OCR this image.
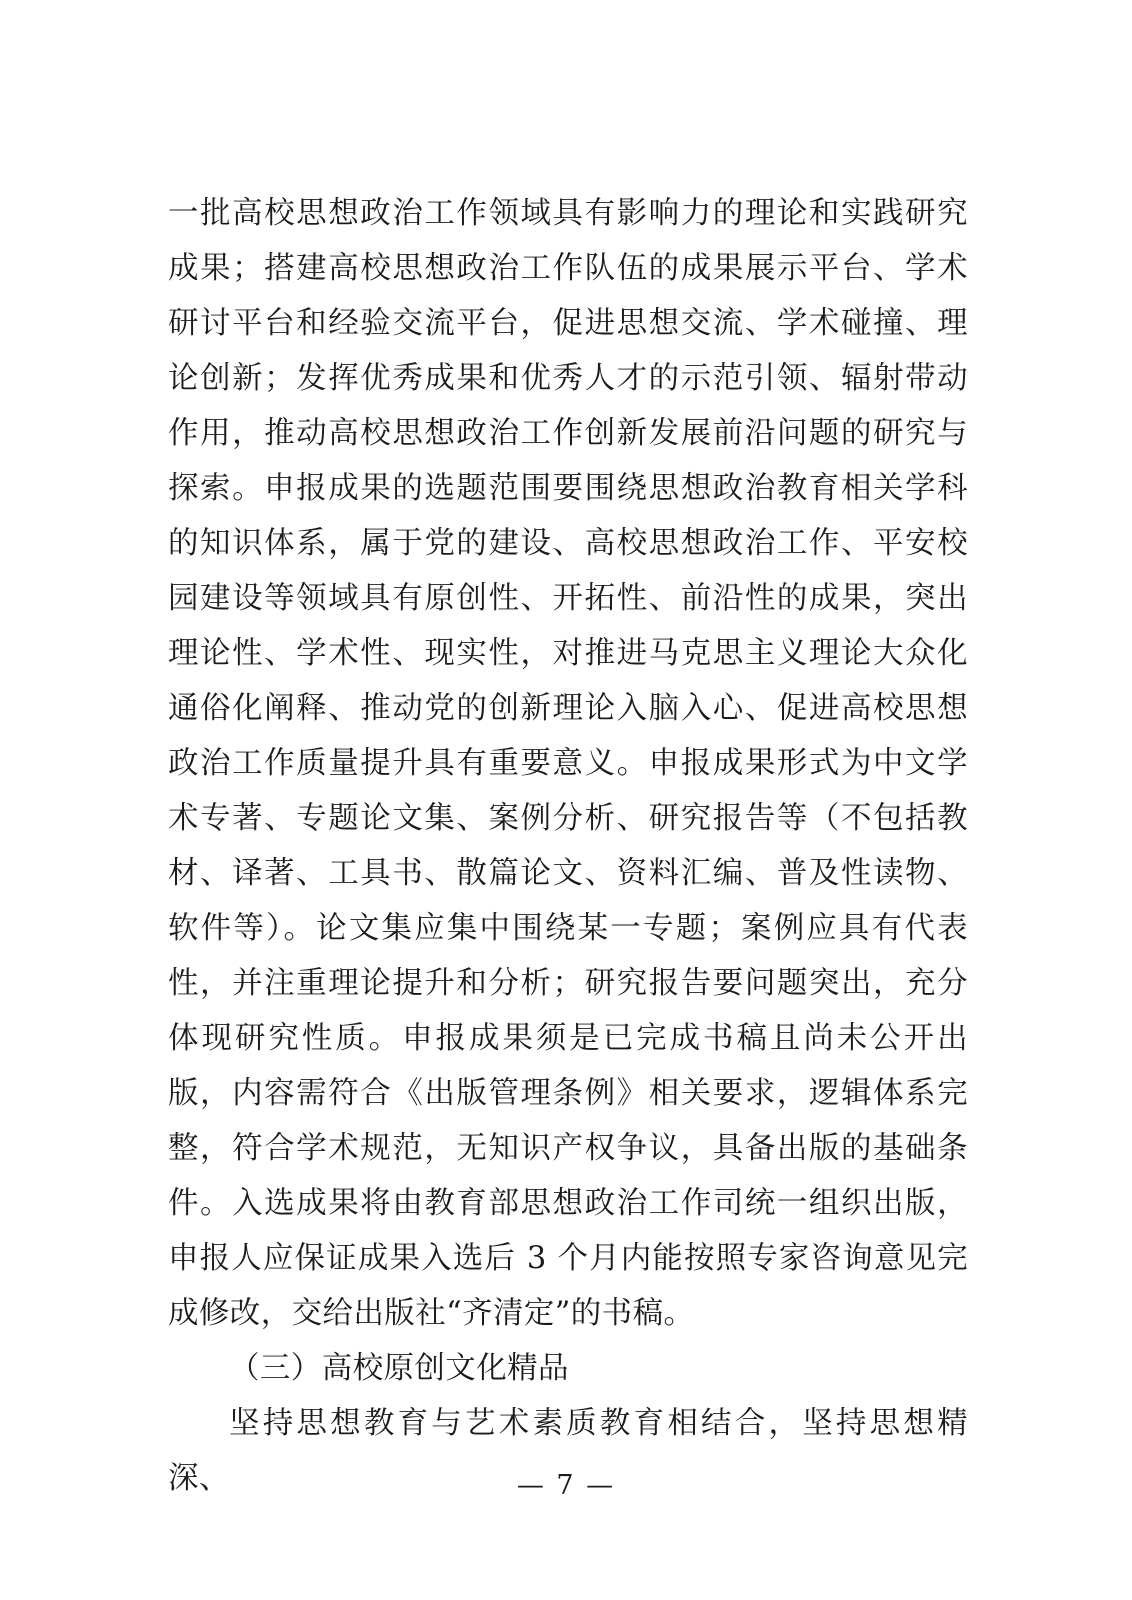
一批高校思想政治工作领域具有影响力的理论和实践研究成果；搭建高校思想政治工作队伍的成果展示平台、学术研讨平台和经验交流平台，促进思想交流、学术碰撞、理论创新；发挥优秀成果和优秀人才的示范引领、辐射带动作用，推动高校思想政治工作创新发展前沿问题的研究与探索。申报成果的选题范围要围绕思想政治教育相关学科的知识体系，属于党的建设、高校思想政治工作、平安校园建设等领域具有原创性、开拓性、前沿性的成果，突出理论性、学术性、现实性，对推进马克思主义理论大众化通俗化阐释、推动党的创新理论入脑入心、促进高校思想政治工作质量提升具有重要意义。申报成果形式为中文学术专著、专题论文集、案例分析、研究报告等（不包括教材、译著、工具书、散篇论文、资料汇编、普及性读物、软件等）。论文集应集中围绕某一专题；案例应具有代表性，并注重理论提升和分析；研究报告要问题突出，充分体现研究性质。申报成果须是已完成书稿且尚未公开出版，内容需符合《出版管理条例》相关要求，逻辑体系完整，符合学术规范，无知识产权争议，具备出版的基础条件。入选成果将由教育部思想政治工作司统一组织出版，申报人应保证成果入选后 3 个月内能按照专家咨询意见完成修改，交给出版社“齐清定”的书稿。

（三）高校原创文化精品

坚持思想教育与艺术素质教育相结合，坚持思想精深、	— 7 —
